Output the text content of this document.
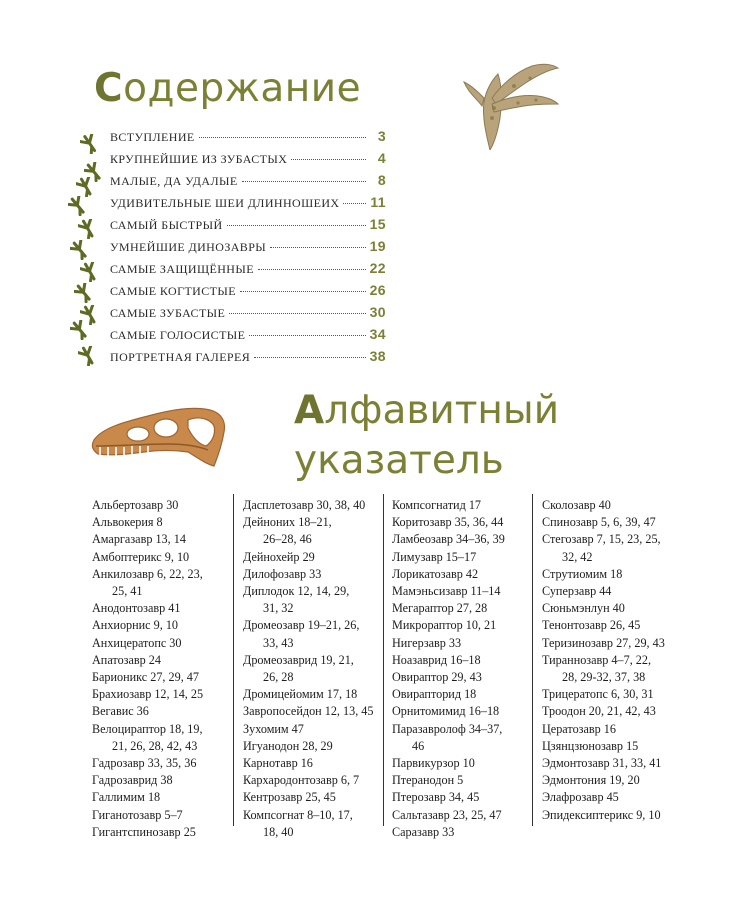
Содержание
ВСТУПЛЕНИЕ	3
КРУПНЕЙШИЕ ИЗ ЗУБАСТЫХ	4
МАЛЫЕ, ДА УДАЛЫЕ	8
УДИВИТЕЛЬНЫЕ ШЕИ ДЛИННОШЕИХ 11
САМЫЙ БЫСТРЫЙ	15
УМНЕЙШИЕ ДИНОЗАВРЫ	19
САМЫЕ ЗАЩИЩЁННЫЕ	22
САМЫЕ КОГТИСТЫЕ	26
САМЫЕ ЗУБАСТЫЕ	30
САМЫЕ ГОЛОСИСТЫЕ	34
ПОРТРЕТНАЯ ГАЛЕРЕЯ	38
Алфавитный
указатель
Альбертозавр 30
Альвокерия 8
Амаргазавр 13, 14
Амбоптерикс 9, 10
Анкилозавр 6, 22, 23,
25, 41
Анодонтозавр 41
Анхиорнис 9, 10
Анхицератопс 30
Апатозавр 24
Барионикс 27, 29, 47
Брахиозавр 12, 14, 25
Вегавис 36
Велоцираптор 18, 19,
21, 26, 28, 42, 43
Гадрозавр 33, 35, 36
Гадрозаврид 38
Галлимим 18
Гиганотозавр 5–7
Гигантспинозавр 25
Дасплетозавр 30, 38, 40
Дейноних 18–21,
26–28, 46
Дейнохейр 29
Дилофозавр 33
Диплодок 12, 14, 29,
31, 32
Дромеозавр 19–21, 26,
33, 43
Дромеозаврид 19, 21,
26, 28
Дромицейомим 17, 18
Завропосейдон 12, 13, 45
Зухомим 47
Игуанодон 28, 29
Карнотавр 16
Кархародонтозавр 6, 7
Кентрозавр 25, 45
Компсогнат 8–10, 17,
18, 40
Компсогнатид 17
Коритозавр 35, 36, 44
Ламбеозавр 34–36, 39
Лимузавр 15–17
Лорикатозавр 42
Мамэньсизавр 11–14
Мегараптор 27, 28
Микрораптор 10, 21
Нигерзавр 33
Ноазаврид 16–18
Овираптор 29, 43
Овирапторид 18
Орнитомимид 16–18
Паразавролоф 34–37,
46
Парвикурзор 10
Птеранодон 5
Птерозавр 34, 45
Сальтазавр 23, 25, 47
Саразавр 33
Сколозавр 40
Спинозавр 5, 6, 39, 47
Стегозавр 7, 15, 23, 25,
32, 42
Струтиомим 18
Суперзавр 44
Сюньмэнлун 40
Тенонтозавр 26, 45
Теризинозавр 27, 29, 43
Тираннозавр 4–7, 22,
28, 29-32, 37, 38
Трицератопс 6, 30, 31
Троодон 20, 21, 42, 43
Цератозавр 16
Цзянцзюнозавр 15
Эдмонтозавр 31, 33, 41
Эдмонтония 19, 20
Элафрозавр 45
Эпидексиптерикс 9, 10
